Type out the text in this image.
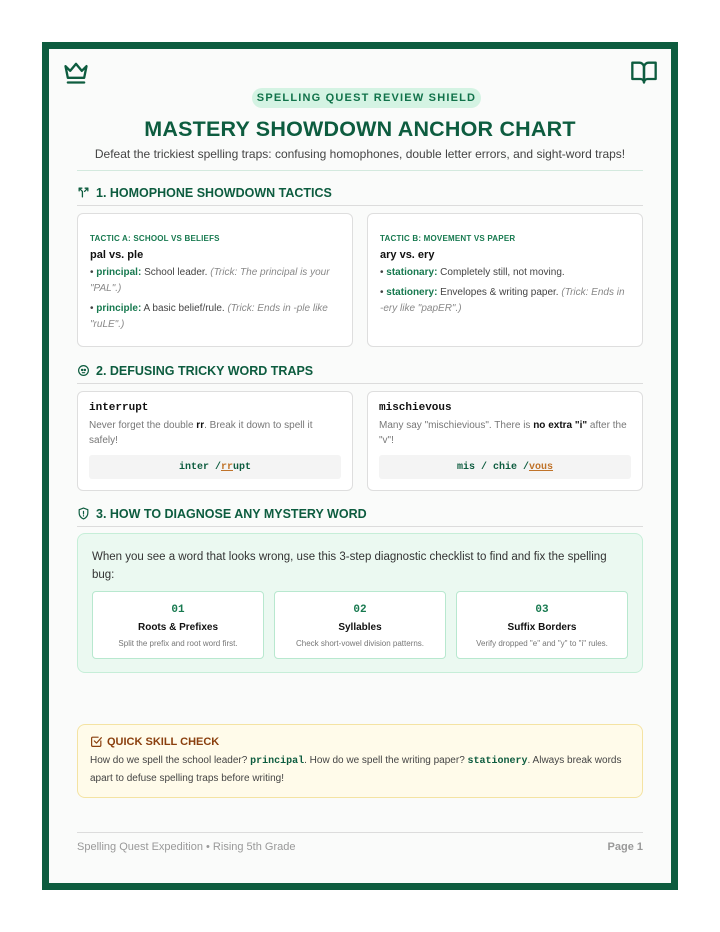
SPELLING QUEST REVIEW SHIELD
MASTERY SHOWDOWN ANCHOR CHART
Defeat the trickiest spelling traps: confusing homophones, double letter errors, and sight-word traps!
1. HOMOPHONE SHOWDOWN TACTICS
TACTIC A: SCHOOL VS BELIEFS
pal vs. ple
• principal: School leader. (Trick: The principal is your "PAL".)
• principle: A basic belief/rule. (Trick: Ends in -ple like "ruLE".)
TACTIC B: MOVEMENT VS PAPER
ary vs. ery
• stationary: Completely still, not moving.
• stationery: Envelopes & writing paper. (Trick: Ends in -ery like "papER".)
2. DEFUSING TRICKY WORD TRAPS
interrupt
Never forget the double rr. Break it down to spell it safely!
inter / rr upt
mischievous
Many say "mischievious". There is no extra "i" after the "v"!
mis / chie / vous
3. HOW TO DIAGNOSE ANY MYSTERY WORD
When you see a word that looks wrong, use this 3-step diagnostic checklist to find and fix the spelling bug:
01
Roots & Prefixes
Split the prefix and root word first.
02
Syllables
Check short-vowel division patterns.
03
Suffix Borders
Verify dropped "e" and "y" to "i" rules.
QUICK SKILL CHECK
How do we spell the school leader? principal. How do we spell the writing paper? stationery. Always break words apart to defuse spelling traps before writing!
Spelling Quest Expedition • Rising 5th Grade	Page 1
